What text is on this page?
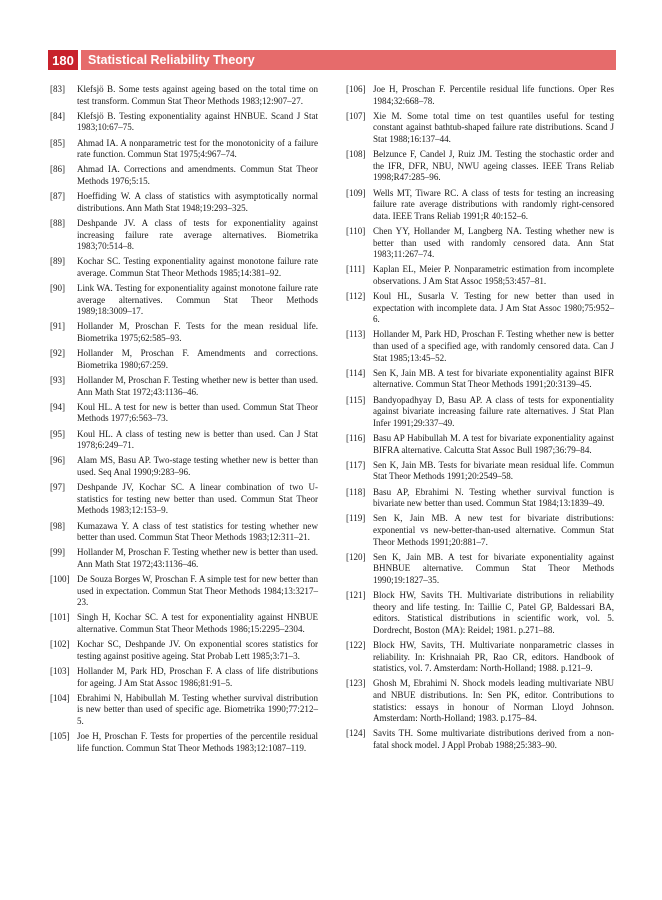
180	Statistical Reliability Theory
[83]	Klefsjö B. Some tests against ageing based on the total time on test transform. Commun Stat Theor Methods 1983;12:907–27.
[84]	Klefsjö B. Testing exponentiality against HNBUE. Scand J Stat 1983;10:67–75.
[85]	Ahmad IA. A nonparametric test for the monotonicity of a failure rate function. Commun Stat 1975;4:967–74.
[86]	Ahmad IA. Corrections and amendments. Commun Stat Theor Methods 1976;5:15.
[87]	Hoeffiding W. A class of statistics with asymptotically normal distributions. Ann Math Stat 1948;19:293–325.
[88]	Deshpande JV. A class of tests for exponentiality against increasing failure rate average alternatives. Biometrika 1983;70:514–8.
[89]	Kochar SC. Testing exponentiality against monotone failure rate average. Commun Stat Theor Methods 1985;14:381–92.
[90]	Link WA. Testing for exponentiality against monotone failure rate average alternatives. Commun Stat Theor Methods 1989;18:3009–17.
[91]	Hollander M, Proschan F. Tests for the mean residual life. Biometrika 1975;62:585–93.
[92]	Hollander M, Proschan F. Amendments and corrections. Biometrika 1980;67:259.
[93]	Hollander M, Proschan F. Testing whether new is better than used. Ann Math Stat 1972;43:1136–46.
[94]	Koul HL. A test for new is better than used. Commun Stat Theor Methods 1977;6:563–73.
[95]	Koul HL. A class of testing new is better than used. Can J Stat 1978;6:249–71.
[96]	Alam MS, Basu AP. Two-stage testing whether new is better than used. Seq Anal 1990;9:283–96.
[97]	Deshpande JV, Kochar SC. A linear combination of two U-statistics for testing new better than used. Commun Stat Theor Methods 1983;12:153–9.
[98]	Kumazawa Y. A class of test statistics for testing whether new better than used. Commun Stat Theor Methods 1983;12:311–21.
[99]	Hollander M, Proschan F. Testing whether new is better than used. Ann Math Stat 1972;43:1136–46.
[100] De Souza Borges W, Proschan F. A simple test for new better than used in expectation. Commun Stat Theor Methods 1984;13:3217–23.
[101] Singh H, Kochar SC. A test for exponentiality against HNBUE alternative. Commun Stat Theor Methods 1986;15:2295–2304.
[102] Kochar SC, Deshpande JV. On exponential scores statistics for testing against positive ageing. Stat Probab Lett 1985;3:71–3.
[103] Hollander M, Park HD, Proschan F. A class of life distributions for ageing. J Am Stat Assoc 1986;81:91–5.
[104] Ebrahimi N, Habibullah M. Testing whether survival distribution is new better than used of specific age. Biometrika 1990;77:212–5.
[105] Joe H, Proschan F. Tests for properties of the percentile residual life function. Commun Stat Theor Methods 1983;12:1087–119.
[106] Joe H, Proschan F. Percentile residual life functions. Oper Res 1984;32:668–78.
[107] Xie M. Some total time on test quantiles useful for testing constant against bathtub-shaped failure rate distributions. Scand J Stat 1988;16:137–44.
[108] Belzunce F, Candel J, Ruiz JM. Testing the stochastic order and the IFR, DFR, NBU, NWU ageing classes. IEEE Trans Reliab 1998;R47:285–96.
[109] Wells MT, Tiware RC. A class of tests for testing an increasing failure rate average distributions with randomly right-censored data. IEEE Trans Reliab 1991;R 40:152–6.
[110] Chen YY, Hollander M, Langberg NA. Testing whether new is better than used with randomly censored data. Ann Stat 1983;11:267–74.
[111] Kaplan EL, Meier P. Nonparametric estimation from incomplete observations. J Am Stat Assoc 1958;53:457–81.
[112] Koul HL, Susarla V. Testing for new better than used in expectation with incomplete data. J Am Stat Assoc 1980;75:952–6.
[113] Hollander M, Park HD, Proschan F. Testing whether new is better than used of a specified age, with randomly censored data. Can J Stat 1985;13:45–52.
[114] Sen K, Jain MB. A test for bivariate exponentiality against BIFR alternative. Commun Stat Theor Methods 1991;20:3139–45.
[115] Bandyopadhyay D, Basu AP. A class of tests for exponentiality against bivariate increasing failure rate alternatives. J Stat Plan Infer 1991;29:337–49.
[116] Basu AP Habibullah M. A test for bivariate exponentiality against BIFRA alternative. Calcutta Stat Assoc Bull 1987;36:79–84.
[117] Sen K, Jain MB. Tests for bivariate mean residual life. Commun Stat Theor Methods 1991;20:2549–58.
[118] Basu AP, Ebrahimi N. Testing whether survival function is bivariate new better than used. Commun Stat 1984;13:1839–49.
[119] Sen K, Jain MB. A new test for bivariate distributions: exponential vs new-better-than-used alternative. Commun Stat Theor Methods 1991;20:881–7.
[120] Sen K, Jain MB. A test for bivariate exponentiality against BHNBUE alternative. Commun Stat Theor Methods 1990;19:1827–35.
[121] Block HW, Savits TH. Multivariate distributions in reliability theory and life testing. In: Taillie C, Patel GP, Baldessari BA, editors. Statistical distributions in scientific work, vol. 5. Dordrecht, Boston (MA): Reidel; 1981. p.271–88.
[122] Block HW, Savits, TH. Multivariate nonparametric classes in reliability. In: Krishnaiah PR, Rao CR, editors. Handbook of statistics, vol. 7. Amsterdam: North-Holland; 1988. p.121–9.
[123] Ghosh M, Ebrahimi N. Shock models leading multivariate NBU and NBUE distributions. In: Sen PK, editor. Contributions to statistics: essays in honour of Norman Lloyd Johnson. Amsterdam: North-Holland; 1983. p.175–84.
[124] Savits TH. Some multivariate distributions derived from a non-fatal shock model. J Appl Probab 1988;25:383–90.
